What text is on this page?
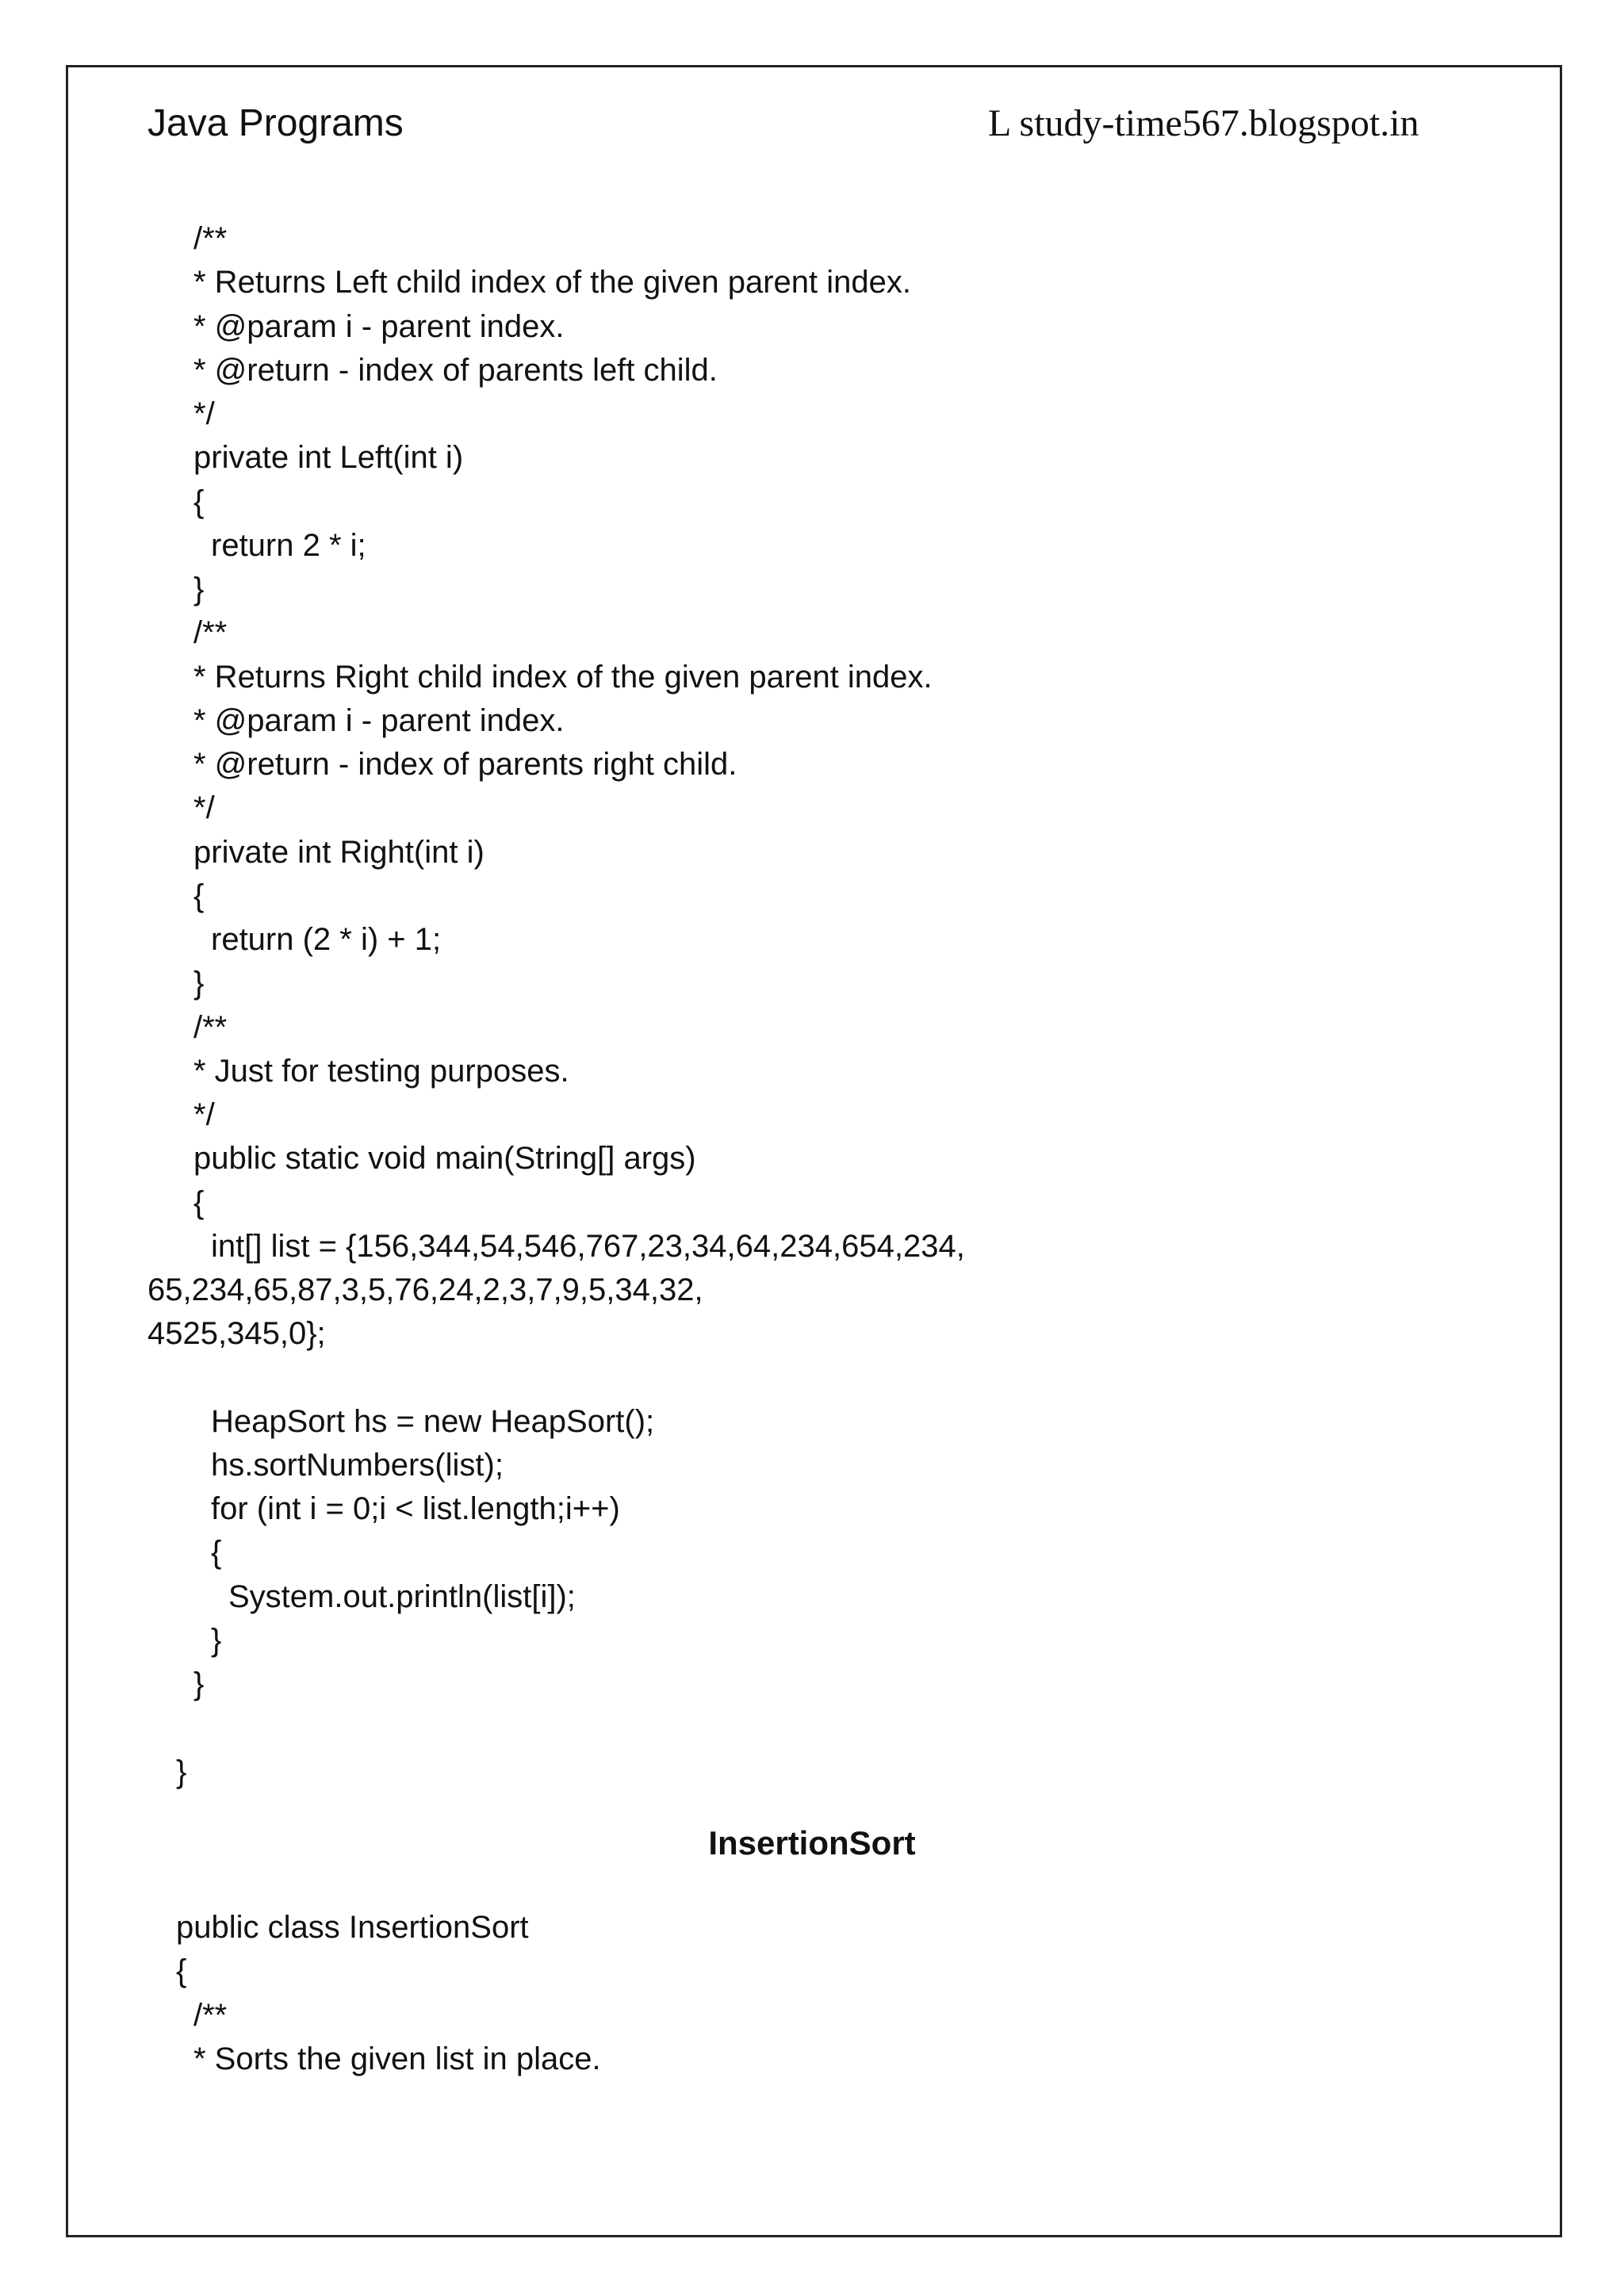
Java Programs	L study-time567.blogspot.in
/**
* Returns Left child index of the given parent index.
* @param i - parent index.
* @return - index of parents left child.
*/
private int Left(int i)
{
return 2 * i;
}
/**
* Returns Right child index of the given parent index.
* @param i - parent index.
* @return - index of parents right child.
*/
private int Right(int i)
{
return (2 * i) + 1;
}
/**
* Just for testing purposes.
*/
public static void main(String[] args)
{
int[] list = {156,344,54,546,767,23,34,64,234,654,234,
65,234,65,87,3,5,76,24,2,3,7,9,5,34,32,
4525,345,0};
HeapSort hs = new HeapSort();
hs.sortNumbers(list);
for (int i = 0;i < list.length;i++)
{
System.out.println(list[i]);
}
}
}
InsertionSort
public class InsertionSort
{
/**
* Sorts the given list in place.
